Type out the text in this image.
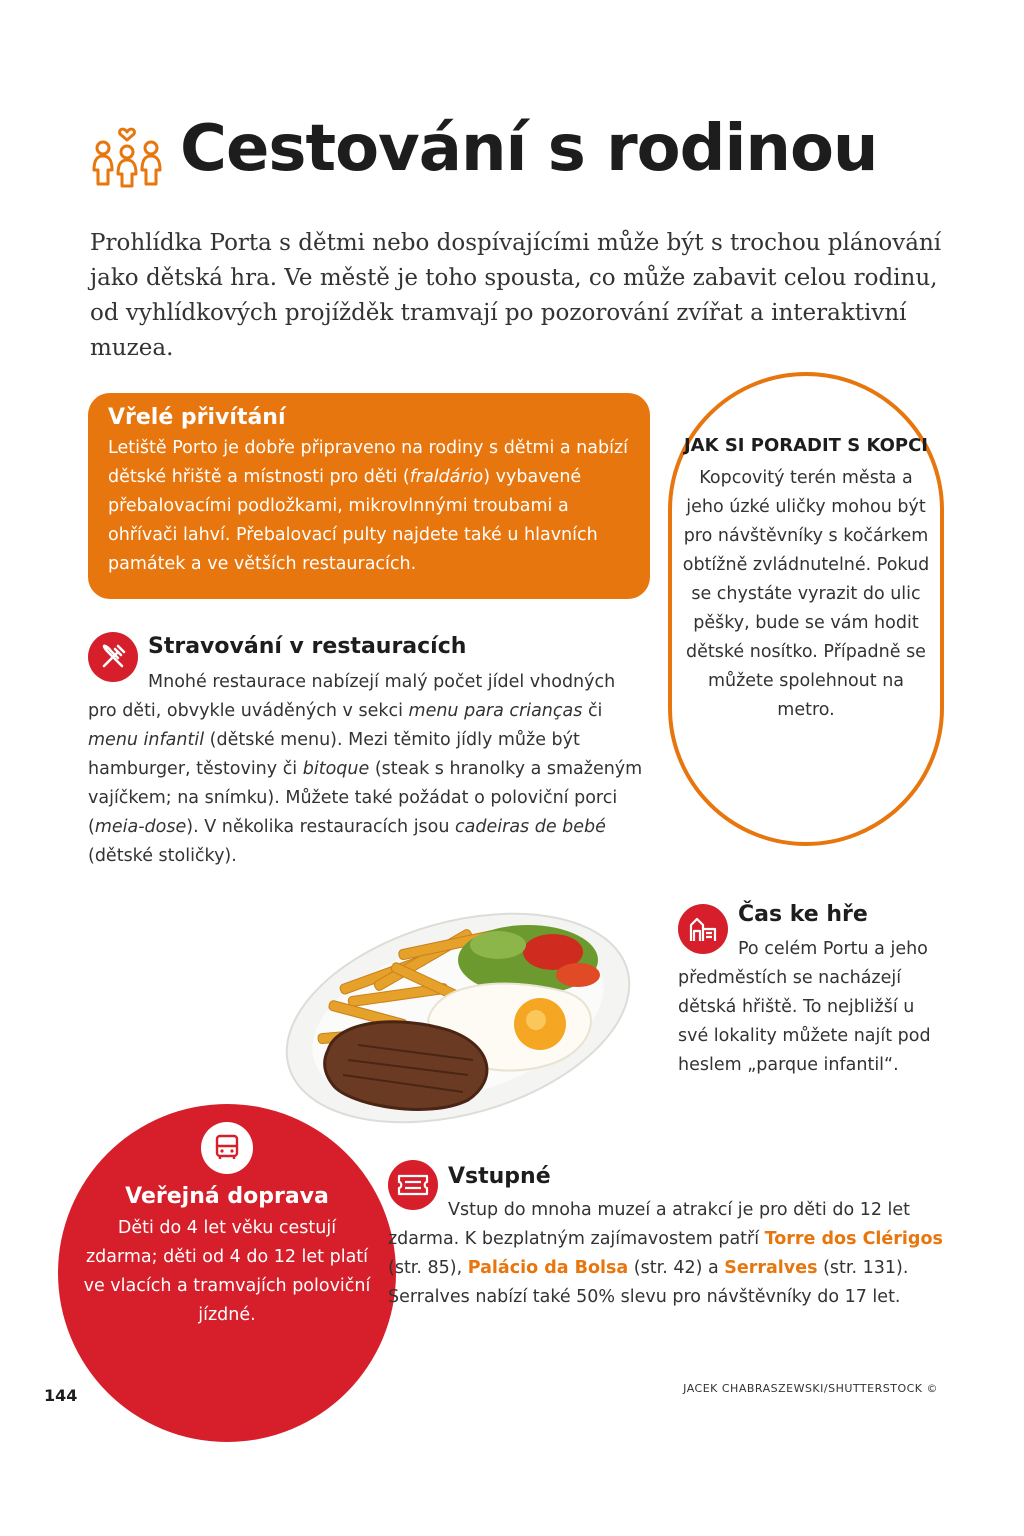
Cestování s rodinou

Prohlídka Porta s dětmi nebo dospívajícími může být s trochou plánování jako dětská hra. Ve městě je toho spousta, co může zabavit celou rodinu, od vyhlídkových projížděk tramvají po pozorování zvířat a interaktivní muzea.

Vřelé přivítání

Letiště Porto je dobře připraveno na rodiny s dětmi a nabízí dětské hřiště a místnosti pro děti (fraldário) vybavené přebalovacími podložkami, mikrovlnnými troubami a ohřívači lahví. Přebalovací pulty najdete také u hlavních památek a ve větších restauracích.

Stravování v restauracích

Mnohé restaurace nabízejí malý počet jídel vhodných pro děti, obvykle uváděných v sekci menu para crianças či menu infantil (dětské menu). Mezi těmito jídly může být hamburger, těstoviny či bitoque (steak s hranolky a smaženým vajíčkem; na snímku). Můžete také požádat o poloviční porci (meia-dose). V několika restauracích jsou cadeiras de bebé (dětské stoličky).

JAK SI PORADIT S KOPCI

Kopcovitý terén města a jeho úzké uličky mohou být pro návštěvníky s kočárkem obtížně zvládnutelné. Pokud se chystáte vyrazit do ulic pěšky, bude se vám hodit dětské nosítko. Případně se můžete spolehnout na metro.

Čas ke hře

Po celém Portu a jeho předměstích se nacházejí dětská hřiště. To nejbližší u své lokality můžete najít pod heslem „parque infantil“.

Veřejná doprava

Děti do 4 let věku cestují zdarma; děti od 4 do 12 let platí ve vlacích a tramvajích poloviční jízdné.

Vstupné

Vstup do mnoha muzeí a atrakcí je pro děti do 12 let zdarma. K bezplatným zajímavostem patří Torre dos Clérigos (str. 85), Palácio da Bolsa (str. 42) a Serralves (str. 131). Serralves nabízí také 50% slevu pro návštěvníky do 17 let.

JACEK CHABRASZEWSKI/SHUTTERSTOCK ©

144
